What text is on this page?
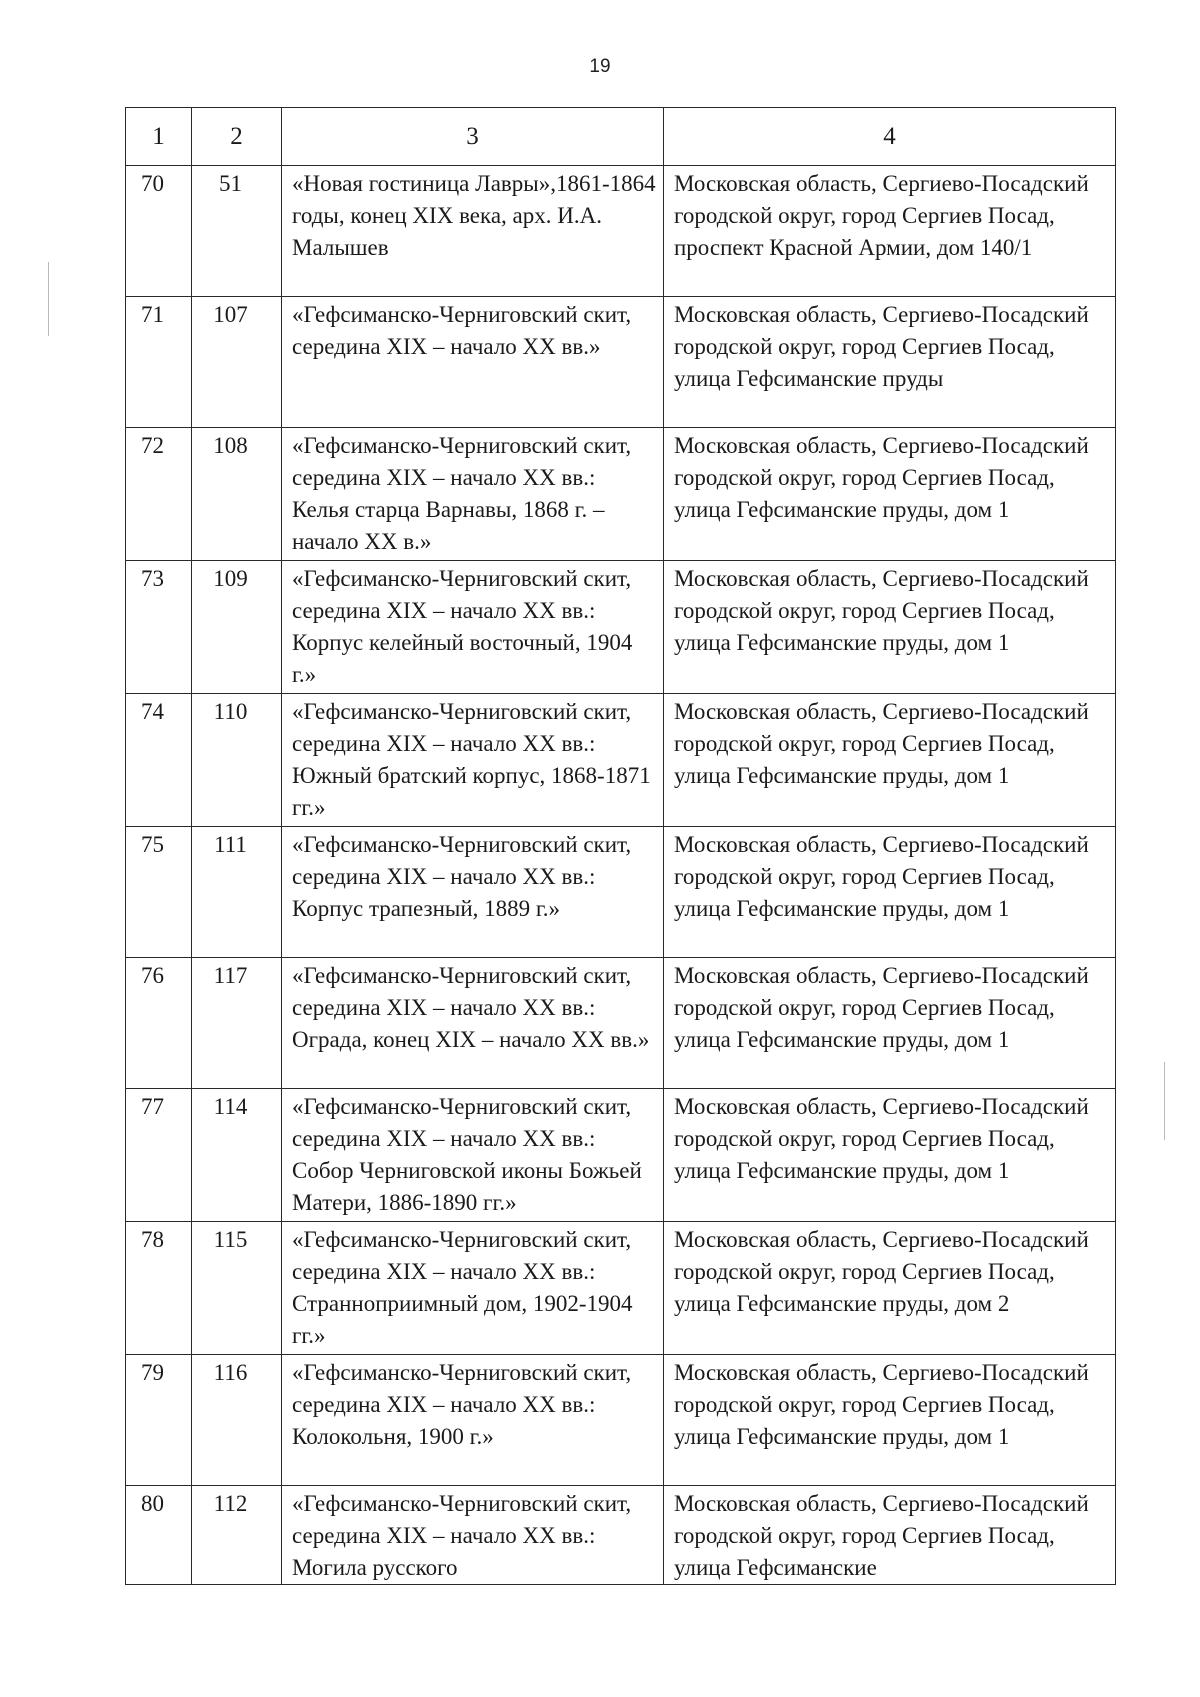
19
1	2	3	4
70	51	«Новая гостиница Лавры»,1861-1864 годы, конец XIX века, арх. И.А. Малышев	Московская область, Сергиево-Посадский городской округ, город Сергиев Посад, проспект Красной Армии, дом 140/1
71	107	«Гефсиманско-Черниговский скит, середина XIX – начало XX вв.»	Московская область, Сергиево-Посадский городской округ, город Сергиев Посад, улица Гефсиманские пруды
72	108	«Гефсиманско-Черниговский скит, середина XIX – начало XX вв.: Келья старца Варнавы, 1868 г. – начало XX в.»	Московская область, Сергиево-Посадский городской округ, город Сергиев Посад, улица Гефсиманские пруды, дом 1
73	109	«Гефсиманско-Черниговский скит, середина XIX – начало XX вв.: Корпус келейный восточный, 1904 г.»	Московская область, Сергиево-Посадский городской округ, город Сергиев Посад, улица Гефсиманские пруды, дом 1
74	110	«Гефсиманско-Черниговский скит, середина XIX – начало XX вв.: Южный братский корпус, 1868-1871 гг.»	Московская область, Сергиево-Посадский городской округ, город Сергиев Посад, улица Гефсиманские пруды, дом 1
75	111	«Гефсиманско-Черниговский скит, середина XIX – начало XX вв.: Корпус трапезный, 1889 г.»	Московская область, Сергиево-Посадский городской округ, город Сергиев Посад, улица Гефсиманские пруды, дом 1
76	117	«Гефсиманско-Черниговский скит, середина XIX – начало XX вв.: Ограда, конец XIX – начало XX вв.»	Московская область, Сергиево-Посадский городской округ, город Сергиев Посад, улица Гефсиманские пруды, дом 1
77	114	«Гефсиманско-Черниговский скит, середина XIX – начало XX вв.: Собор Черниговской иконы Божьей Матери, 1886-1890 гг.»	Московская область, Сергиево-Посадский городской округ, город Сергиев Посад, улица Гефсиманские пруды, дом 1
78	115	«Гефсиманско-Черниговский скит, середина XIX – начало XX вв.: Странноприимный дом, 1902-1904 гг.»	Московская область, Сергиево-Посадский городской округ, город Сергиев Посад, улица Гефсиманские пруды, дом 2
79	116	«Гефсиманско-Черниговский скит, середина XIX – начало XX вв.: Колокольня, 1900 г.»	Московская область, Сергиево-Посадский городской округ, город Сергиев Посад, улица Гефсиманские пруды, дом 1
80	112	«Гефсиманско-Черниговский скит, середина XIX – начало XX вв.: Могила русского	Московская область, Сергиево-Посадский городской округ, город Сергиев Посад, улица Гефсиманские
